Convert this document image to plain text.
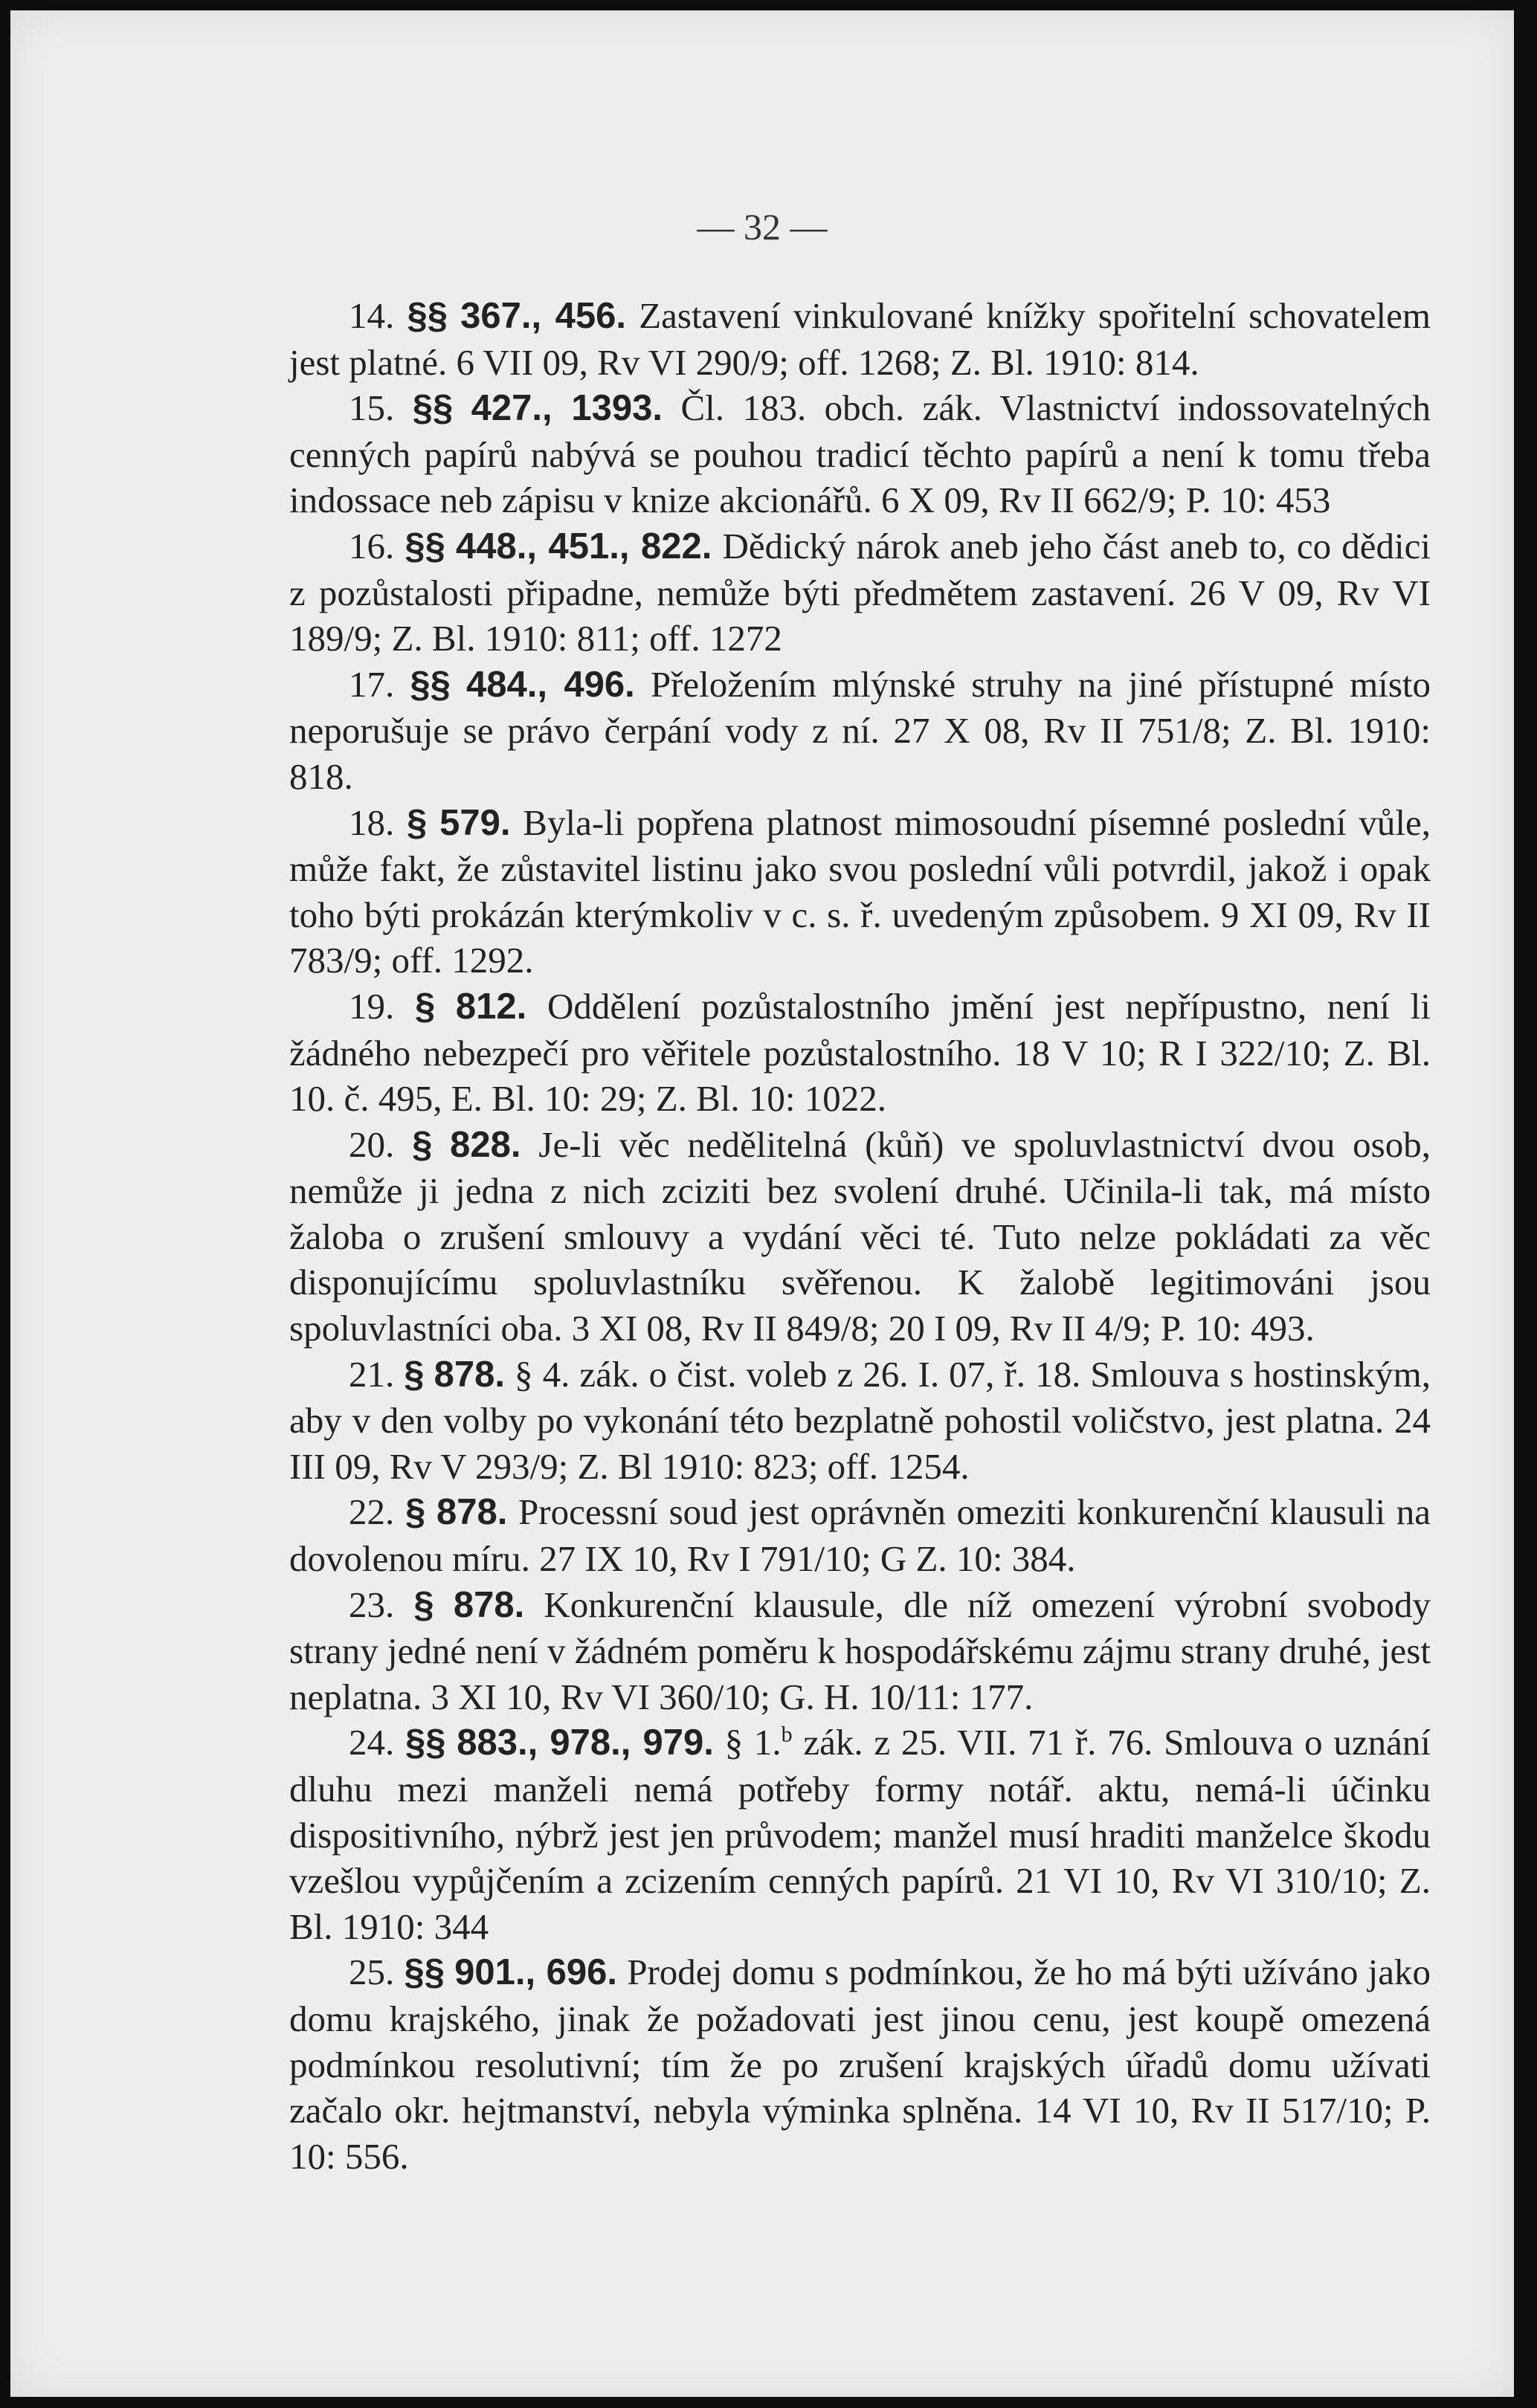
— 32 —

14. §§ 367., 456. Zastavení vinkulované knížky spořitelní schovatelem jest platné. 6 VII 09, Rv VI 290/9; off. 1268; Z. Bl. 1910: 814.

15. §§ 427., 1393. Čl. 183. obch. zák. Vlastnictví indossovatelných cenných papírů nabývá se pouhou tradicí těchto papírů a není k tomu třeba indossace neb zápisu v knize akcionářů. 6 X 09, Rv II 662/9; P. 10: 453

16. §§ 448., 451., 822. Dědický nárok aneb jeho část aneb to, co dědici z pozůstalosti připadne, nemůže býti předmětem zastavení. 26 V 09, Rv VI 189/9; Z. Bl. 1910: 811; off. 1272

17. §§ 484., 496. Přeložením mlýnské struhy na jiné přístupné místo neporušuje se právo čerpání vody z ní. 27 X 08, Rv II 751/8; Z. Bl. 1910: 818.

18. § 579. Byla-li popřena platnost mimosoudní písemné poslední vůle, může fakt, že zůstavitel listinu jako svou poslední vůli potvrdil, jakož i opak toho býti prokázán kterýmkoliv v c. s. ř. uvedeným způsobem. 9 XI 09, Rv II 783/9; off. 1292.

19. § 812. Oddělení pozůstalostního jmění jest nepřípustno, není li žádného nebezpečí pro věřitele pozůstalostního. 18 V 10; R I 322/10; Z. Bl. 10. č. 495, E. Bl. 10: 29; Z. Bl. 10: 1022.

20. § 828. Je-li věc nedělitelná (kůň) ve spoluvlastnictví dvou osob, nemůže ji jedna z nich zciziti bez svolení druhé. Učinila-li tak, má místo žaloba o zrušení smlouvy a vydání věci té. Tuto nelze pokládati za věc disponujícímu spoluvlastníku svěřenou. K žalobě legitimováni jsou spoluvlastníci oba. 3 XI 08, Rv II 849/8; 20 I 09, Rv II 4/9; P. 10: 493.

21. § 878. § 4. zák. o čist. voleb z 26. I. 07, ř. 18. Smlouva s hostinským, aby v den volby po vykonání této bezplatně pohostil voličstvo, jest platna. 24 III 09, Rv V 293/9; Z. Bl 1910: 823; off. 1254.

22. § 878. Processní soud jest oprávněn omeziti konkurenční klausuli na dovolenou míru. 27 IX 10, Rv I 791/10; G Z. 10: 384.

23. § 878. Konkurenční klausule, dle níž omezení výrobní svobody strany jedné není v žádném poměru k hospodářskému zájmu strany druhé, jest neplatna. 3 XI 10, Rv VI 360/10; G. H. 10/11: 177.

24. §§ 883., 978., 979. § 1.$^b$ zák. z 25. VII. 71 ř. 76. Smlouva o uznání dluhu mezi manželi nemá potřeby formy notář. aktu, nemá-li účinku dispositivního, nýbrž jest jen průvodem; manžel musí hraditi manželce škodu vzešlou vypůjčením a zcizením cenných papírů. 21 VI 10, Rv VI 310/10; Z. Bl. 1910: 344

25. §§ 901., 696. Prodej domu s podmínkou, že ho má býti užíváno jako domu krajského, jinak že požadovati jest jinou cenu, jest koupě omezená podmínkou resolutivní; tím že po zrušení krajských úřadů domu užívati začalo okr. hejtmanství, nebyla výminka splněna. 14 VI 10, Rv II 517/10; P. 10: 556.
